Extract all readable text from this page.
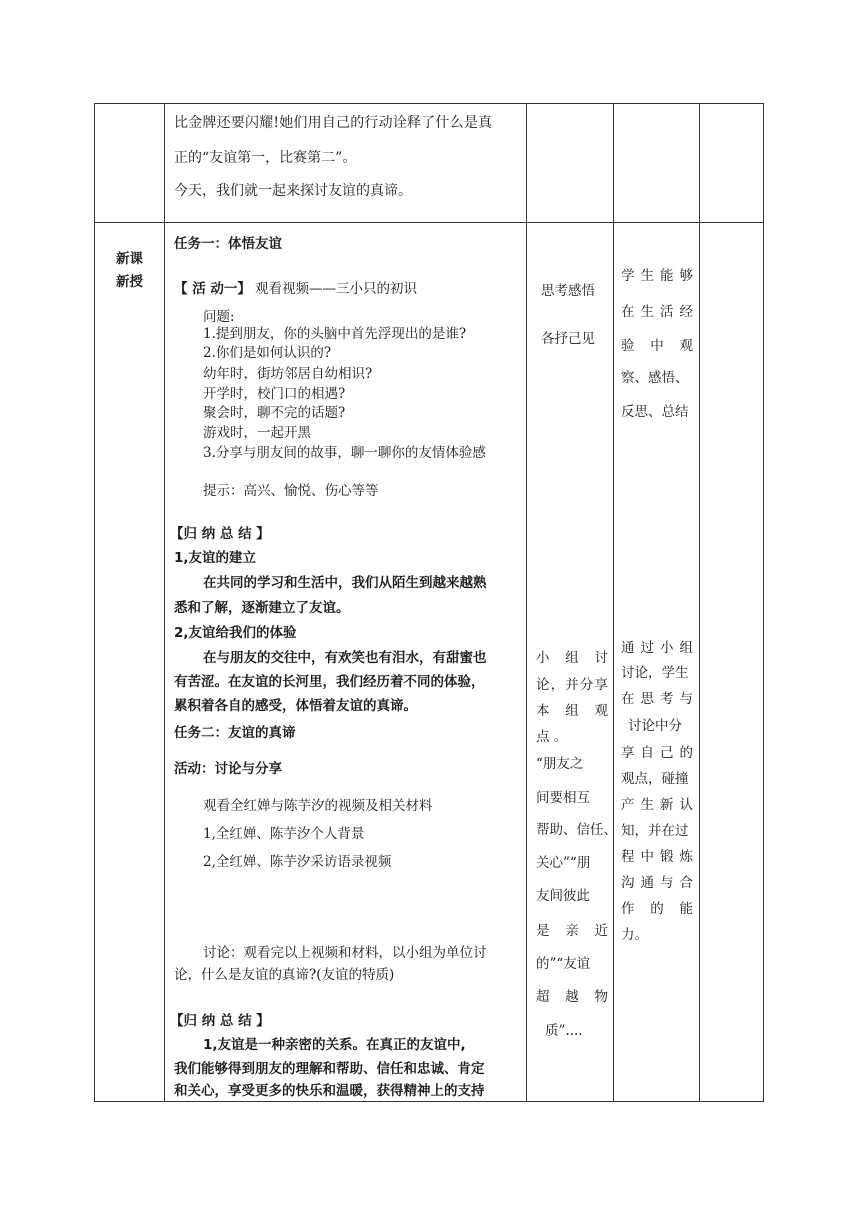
比金牌还要闪耀!她们用自己的行动诠释了什么是真
正的“友谊第一，比赛第二”。
今天，我们就一起来探讨友谊的真谛。
新课
新授
任务一：体悟友谊
【 活 动一】 观看视频——三小只的初识
问题:
1.提到朋友，你的头脑中首先浮现出的是谁?
2.你们是如何认识的?
幼年时，街坊邻居自幼相识?
开学时，校门口的相遇?
聚会时，聊不完的话题?
游戏时，一起开黑
3.分享与朋友间的故事，聊一聊你的友情体验感
提示：高兴、愉悦、伤心等等
【归 纳 总 结 】
1,友谊的建立
在共同的学习和生活中，我们从陌生到越来越熟
悉和了解，逐渐建立了友谊。
2,友谊给我们的体验
在与朋友的交往中，有欢笑也有泪水，有甜蜜也
有苦涩。在友谊的长河里，我们经历着不同的体验，
累积着各自的感受，体悟着友谊的真谛。
任务二：友谊的真谛
活动：讨论与分享
观看全红婵与陈芋汐的视频及相关材料
1,全红婵、陈芋汐个人背景
2,全红婵、陈芋汐采访语录视频
讨论：观看完以上视频和材料，以小组为单位讨
论，什么是友谊的真谛?(友谊的特质)
【归 纳 总 结 】
1,友谊是一种亲密的关系。在真正的友谊中,
我们能够得到朋友的理解和帮助、信任和忠诚、肯定
和关心，享受更多的快乐和温暖，获得精神上的支持
思考感悟
各抒己见
小 组 讨
论，并分享
本 组 观
点 。
“朋友之
间要相互
帮助、信任、
关心”“朋
友间彼此
是 亲 近
的”“友谊
超 越 物
质”....
学 生 能 够
在 生 活 经
验 中 观
察、感悟、
反思、总结
通 过 小 组
讨论，学生
在 思 考 与
讨论中分
享 自 己 的
观点，碰撞
产 生 新 认
知，并在过
程 中 锻 炼
沟 通 与 合
作 的 能
力。
